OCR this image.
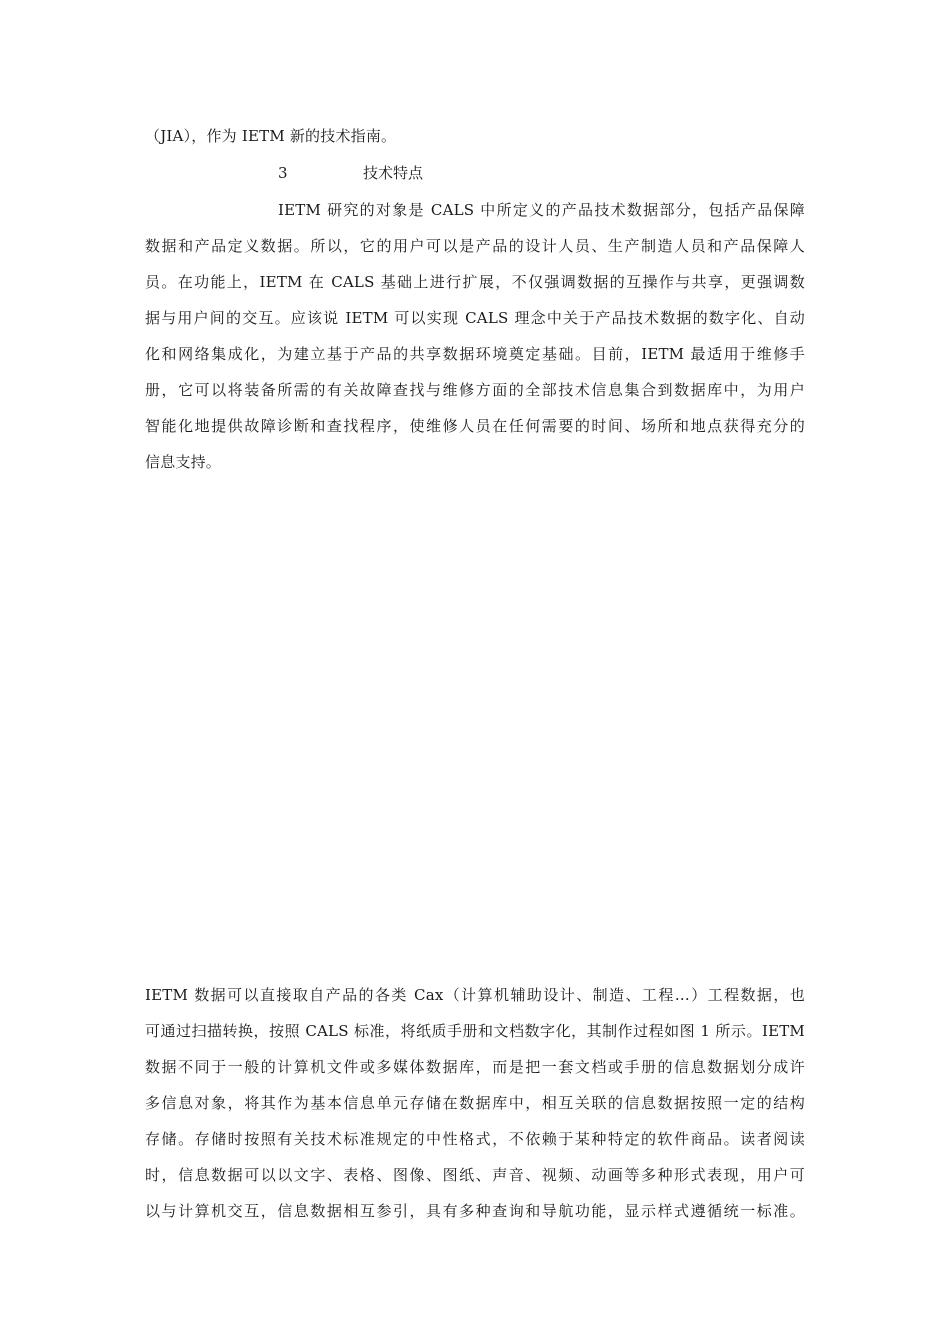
（JIA），作为 IETM 新的技术指南。
3	技术特点
IETM 研究的对象是 CALS 中所定义的产品技术数据部分，包括产品保障
数据和产品定义数据。所以，它的用户可以是产品的设计人员、生产制造人员和产品保障人
员。在功能上，IETM 在 CALS 基础上进行扩展，不仅强调数据的互操作与共享，更强调数
据与用户间的交互。应该说 IETM 可以实现 CALS 理念中关于产品技术数据的数字化、自动
化和网络集成化，为建立基于产品的共享数据环境奠定基础。目前，IETM 最适用于维修手
册，它可以将装备所需的有关故障查找与维修方面的全部技术信息集合到数据库中，为用户
智能化地提供故障诊断和查找程序，使维修人员在任何需要的时间、场所和地点获得充分的
信息支持。
IETM 数据可以直接取自产品的各类 Cax（计算机辅助设计、制造、工程…）工程数据，也
可通过扫描转换，按照 CALS 标准，将纸质手册和文档数字化，其制作过程如图 1 所示。IETM
数据不同于一般的计算机文件或多媒体数据库，而是把一套文档或手册的信息数据划分成许
多信息对象，将其作为基本信息单元存储在数据库中，相互关联的信息数据按照一定的结构
存储。存储时按照有关技术标准规定的中性格式，不依赖于某种特定的软件商品。读者阅读
时，信息数据可以以文字、表格、图像、图纸、声音、视频、动画等多种形式表现，用户可
以与计算机交互，信息数据相互参引，具有多种查询和导航功能，显示样式遵循统一标准。
